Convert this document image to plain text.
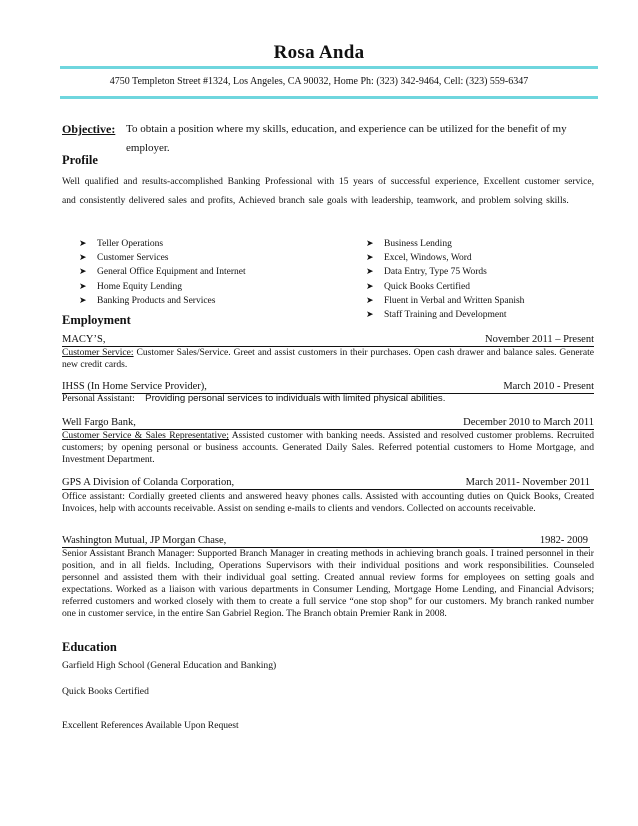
Rosa Anda
4750 Templeton Street #1324, Los Angeles, CA 90032, Home Ph: (323) 342-9464, Cell: (323) 559-6347
Objective: To obtain a position where my skills, education, and experience can be utilized for the benefit of my employer.
Profile
Well qualified and results-accomplished Banking Professional with 15 years of successful experience, Excellent customer service, and consistently delivered sales and profits, Achieved branch sale goals with leadership, teamwork, and problem solving skills.
➤ Teller Operations
➤ Customer Services
➤ General Office Equipment and Internet
➤ Home Equity Lending
➤ Banking Products and Services
➤ Business Lending
➤ Excel, Windows, Word
➤ Data Entry, Type 75 Words
➤ Quick Books Certified
➤ Fluent in Verbal and Written Spanish
➤ Staff Training and Development
Employment
MACY’S,	November 2011 – Present
Customer Service: Customer Sales/Service. Greet and assist customers in their purchases. Open cash drawer and balance sales. Generate new credit cards.
IHSS (In Home Service Provider),	March 2010 - Present
Personal Assistant: Providing personal services to individuals with limited physical abilities.
Well Fargo Bank,	December 2010 to March 2011
Customer Service & Sales Representative; Assisted customer with banking needs. Assisted and resolved customer problems. Recruited customers; by opening personal or business accounts. Generated Daily Sales. Referred potential customers to Home Mortgage, and Investment Department.
GPS A Division of Colanda Corporation,	March 2011- November 2011
Office assistant: Cordially greeted clients and answered heavy phones calls. Assisted with accounting duties on Quick Books, Created Invoices, help with accounts receivable. Assist on sending e-mails to clients and vendors. Collected on accounts receivable.
Washington Mutual, JP Morgan Chase,	1982- 2009
Senior Assistant Branch Manager: Supported Branch Manager in creating methods in achieving branch goals. I trained personnel in their position, and in all fields. Including, Operations Supervisors with their individual positions and work responsibilities. Counseled personnel and assisted them with their individual goal setting. Created annual review forms for employees on setting goals and expectations. Worked as a liaison with various departments in Consumer Lending, Mortgage Home Lending, and Financial Advisors; referred customers and worked closely with them to create a full service “one stop shop” for our customers. My branch ranked number one in customer service, in the entire San Gabriel Region. The Branch obtain Premier Rank in 2008.
Education
Garfield High School (General Education and Banking)
Quick Books Certified
Excellent References Available Upon Request
